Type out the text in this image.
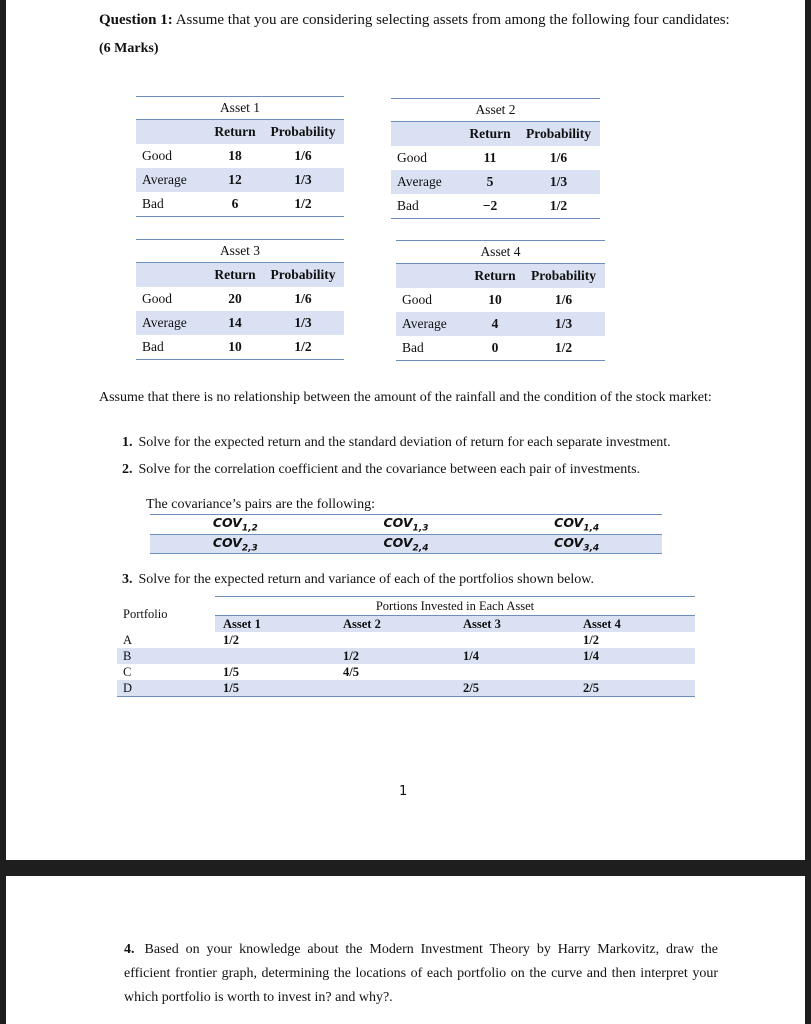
Question 1: Assume that you are considering selecting assets from among the following four candidates:
(6 Marks)
Asset 1		
	Return	Probability
Good	18	1/6
Average	12	1/3
Bad	6	1/2
Asset 2		
	Return	Probability
Good	11	1/6
Average	5	1/3
Bad	−2	1/2
Asset 3		
	Return	Probability
Good	20	1/6
Average	14	1/3
Bad	10	1/2
Asset 4		
	Return	Probability
Good	10	1/6
Average	4	1/3
Bad	0	1/2
Assume that there is no relationship between the amount of the rainfall and the condition of the stock market:
1. Solve for the expected return and the standard deviation of return for each separate investment.
2. Solve for the correlation coefficient and the covariance between each pair of investments.
The covariance’s pairs are the following:
$COV_{1,2}$	$COV_{1,3}$	$COV_{1,4}$
$COV_{2,3}$	$COV_{2,4}$	$COV_{3,4}$
3. Solve for the expected return and variance of each of the portfolios shown below.
Portfolio	Portions Invested in Each Asset			
	Asset 1	Asset 2	Asset 3	Asset 4
A	1/2			1/2
B		1/2	1/4	1/4
C	1/5	4/5		
D	1/5		2/5	2/5
1
4. Based on your knowledge about the Modern Investment Theory by Harry Markovitz, draw the efficient frontier graph, determining the locations of each portfolio on the curve and then interpret your which portfolio is worth to invest in? and why?.
